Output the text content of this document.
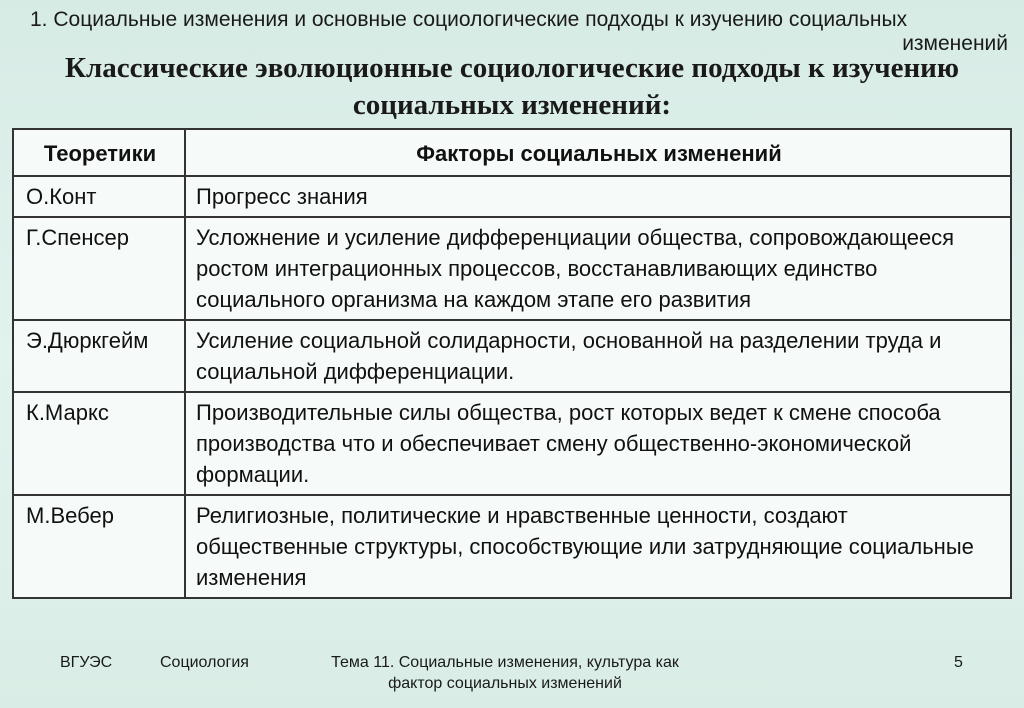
1. Социальные изменения и основные социологические подходы к изучению социальных
изменений
Классические эволюционные социологические подходы к изучению социальных изменений:
Теоретики	Факторы социальных изменений
О.Конт	Прогресс знания
Г.Спенсер	Усложнение и усиление дифференциации общества, сопровождающееся ростом интеграционных процессов, восстанавливающих единство социального организма на каждом этапе его развития
Э.Дюркгейм	Усиление социальной солидарности, основанной на разделении труда и социальной дифференциации.
К.Маркс	Производительные силы общества, рост которых ведет к смене способа производства что и обеспечивает смену общественно-экономической формации.
М.Вебер	Религиозные, политические и нравственные ценности, создают общественные структуры, способствующие или затрудняющие социальные изменения
ВГУЭС	Социология	Тема 11. Социальные изменения, культура как фактор социальных изменений
5
